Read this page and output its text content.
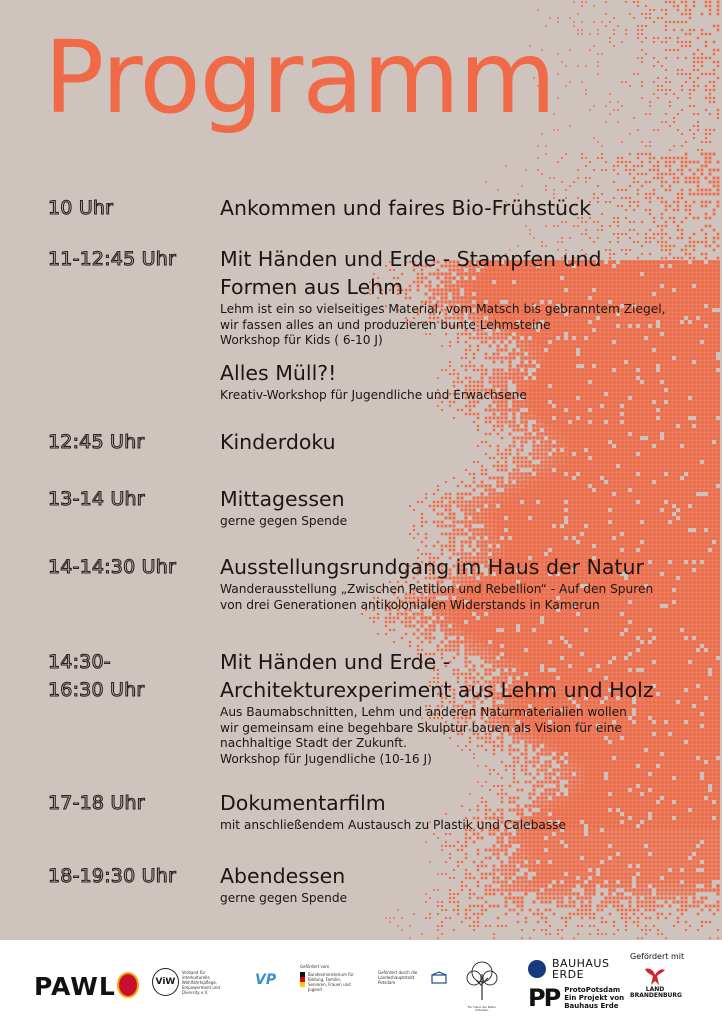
Programm
10 Uhr	Ankommen und faires Bio-Frühstück
11-12:45 Uhr Mit Händen und Erde - Stampfen und
Formen aus Lehm

Lehm ist ein so vielseitiges Material, vom Matsch bis gebranntem Ziegel,
wir fassen alles an und produzieren bunte Lehmsteine
Workshop für Kids ( 6-10 J)

Alles Müll?!

Kreativ-Workshop für Jugendliche und Erwachsene

12:45 Uhr	Kinderdoku
13-14 Uhr	Mittagessen

gerne gegen Spende

14-14:30 Uhr Ausstellungsrundgang im Haus der Natur

Wanderausstellung „Zwischen Petition und Rebellion“ - Auf den Spuren
von drei Generationen antikolonialen Widerstands in Kamerun

14:30-
16:30 Uhr
Mit Händen und Erde -
Architekturexperiment aus Lehm und Holz

Aus Baumabschnitten, Lehm und anderen Naturmaterialien wollen
wir gemeinsam eine begehbare Skulptur bauen als Vision für eine
nachhaltige Stadt der Zukunft.
Workshop für Jugendliche (10-16 J)

17-18 Uhr	Dokumentarfilm

mit anschließendem Austausch zu Plastik und Calebasse

18-19:30 Uhr Abendessen

gerne gegen Spende

PAWL	ViW
Verband für interkulturelle Wohlfahrtspflege, Empowerment und Diversity e.V.
VP
Gefördert vom
Bundesministerium für Bildung, Familie, Senioren, Frauen und Jugend
Gefördert durch die Landeshauptstadt Potsdam
Für Haus der Natur Potsdam
BAUHAUS
ERDE
PP ProtoPotsdam
Ein Projekt von
Bauhaus Erde
Gefördert mit
LAND
BRANDENBURG
